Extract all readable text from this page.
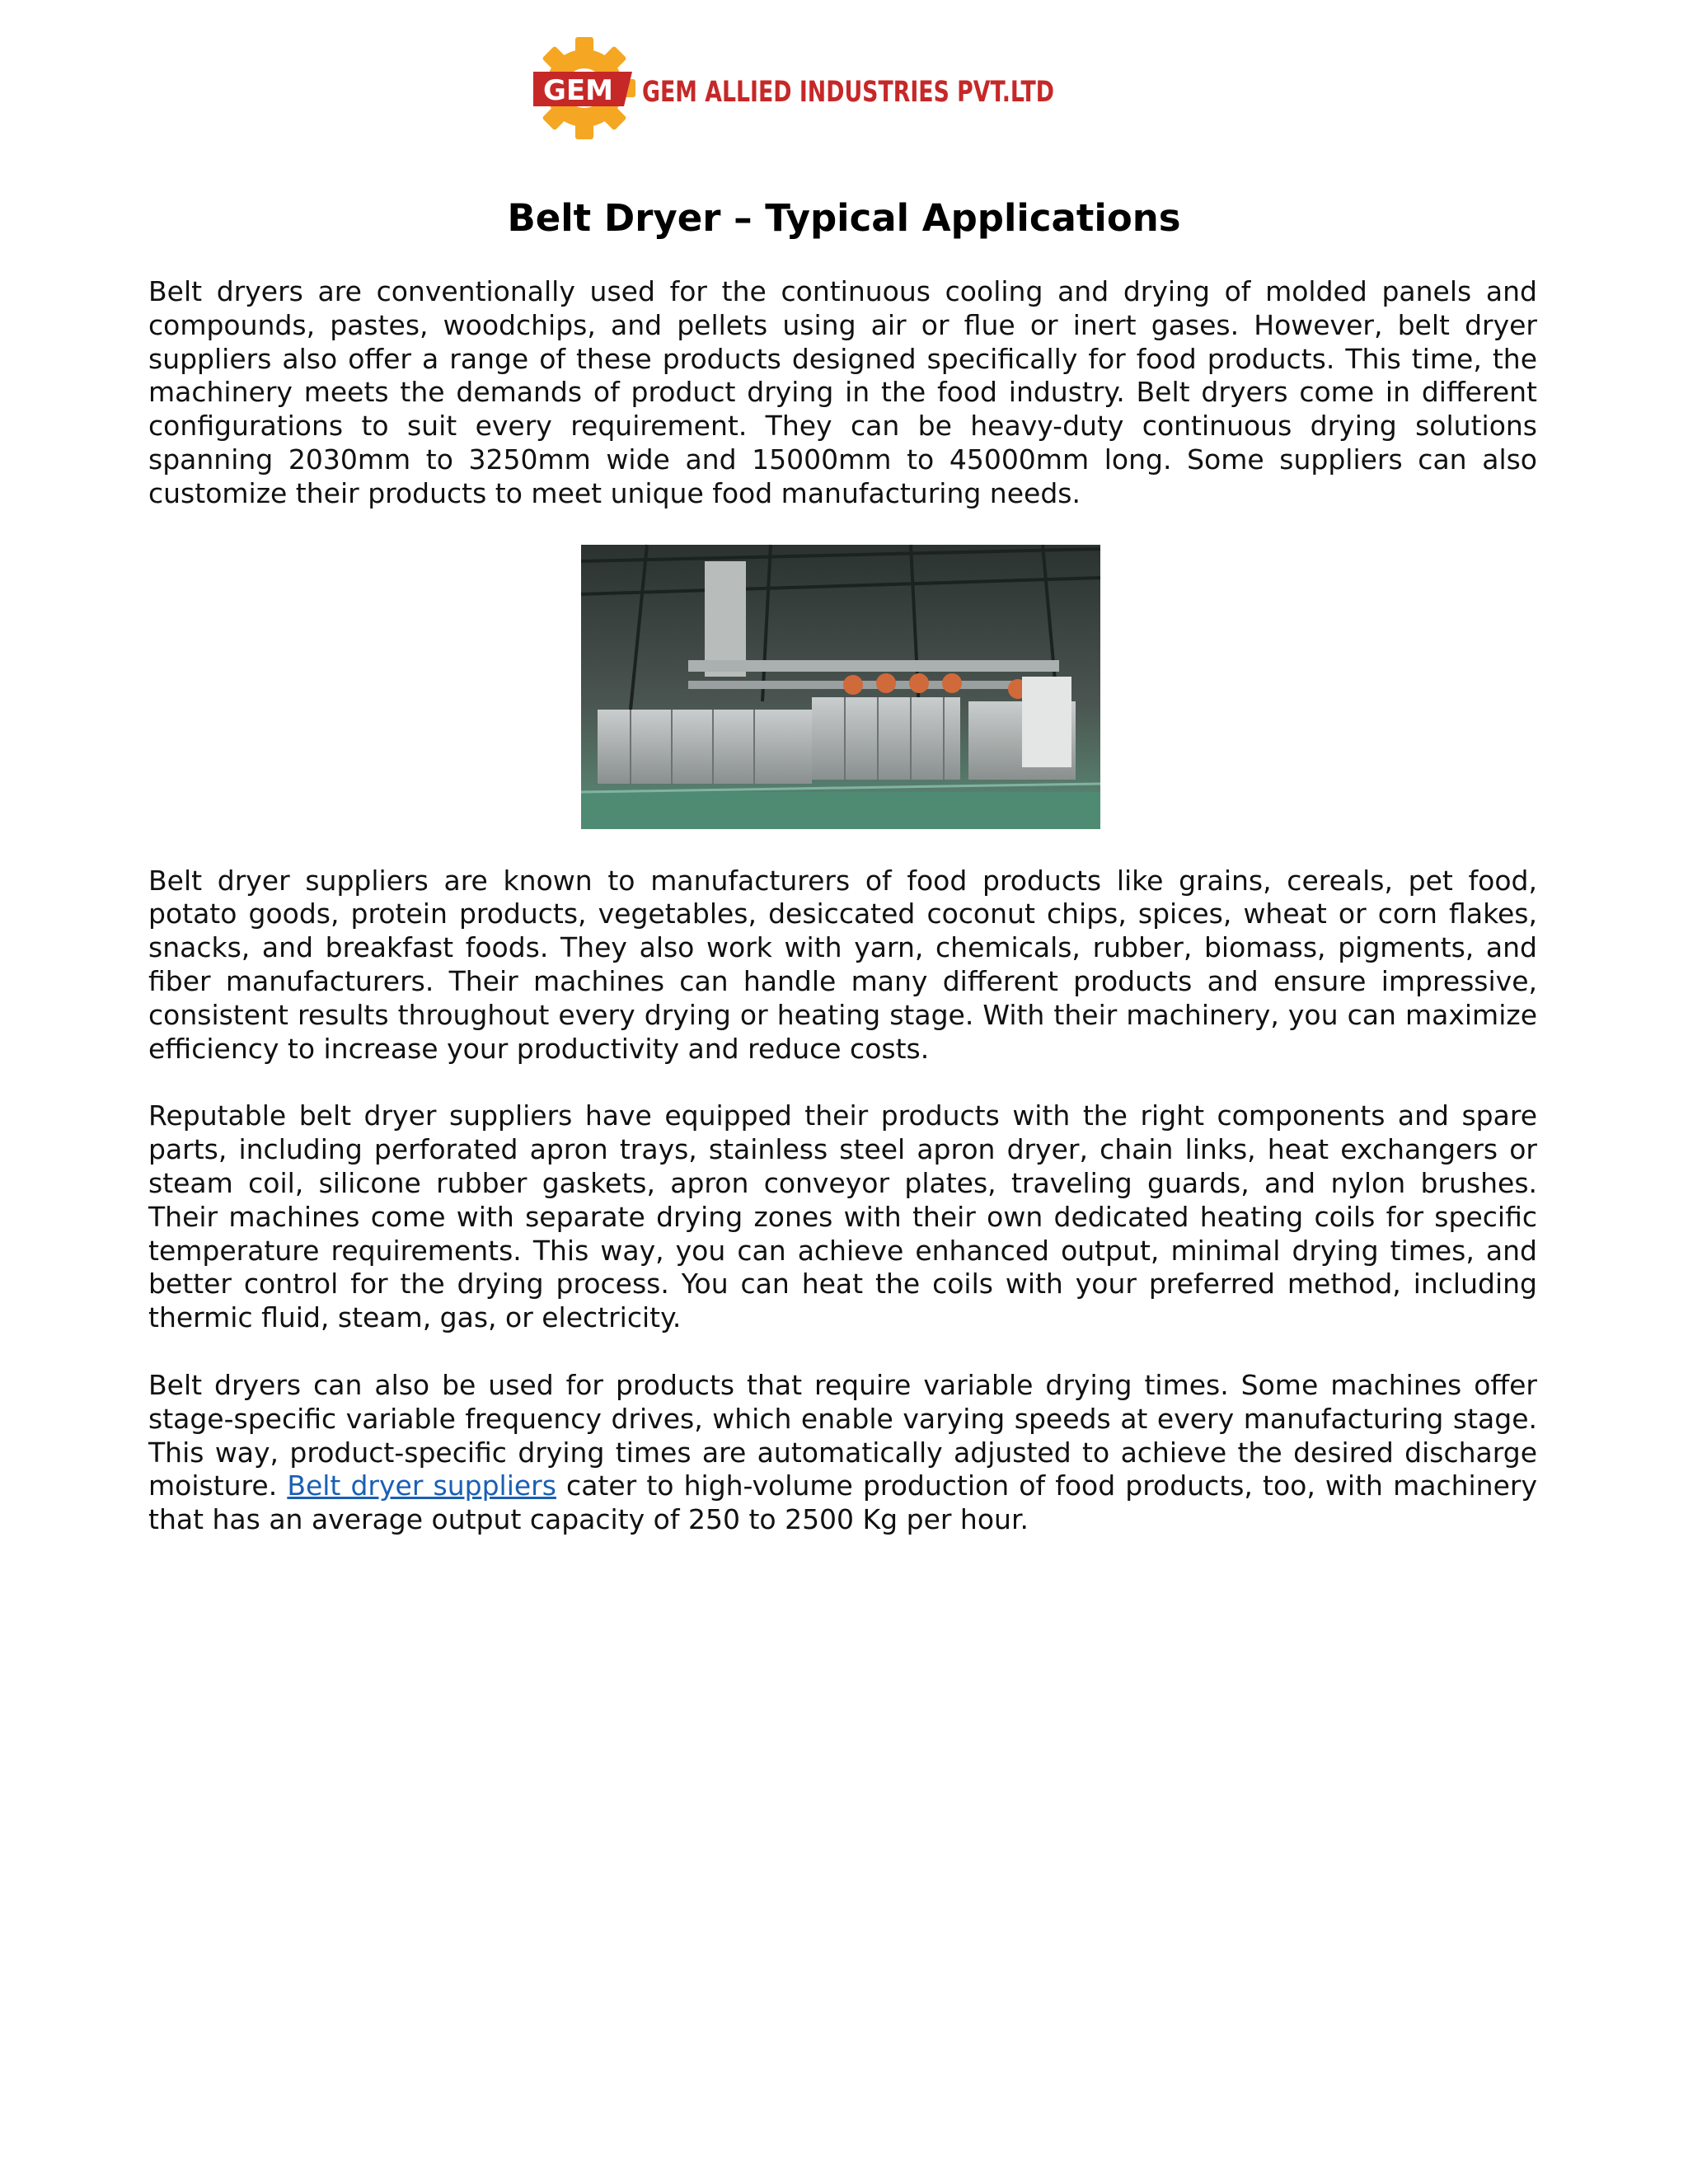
GEM GEM ALLIED INDUSTRIES PVT.LTD
Belt Dryer – Typical Applications

Belt dryers are conventionally used for the continuous cooling and drying of molded panels and compounds, pastes, woodchips, and pellets using air or flue or inert gases. However, belt dryer suppliers also offer a range of these products designed specifically for food products. This time, the machinery meets the demands of product drying in the food industry. Belt dryers come in different configurations to suit every requirement. They can be heavy-duty continuous drying solutions spanning 2030mm to 3250mm wide and 15000mm to 45000mm long. Some suppliers can also customize their products to meet unique food manufacturing needs.

Belt dryer suppliers are known to manufacturers of food products like grains, cereals, pet food, potato goods, protein products, vegetables, desiccated coconut chips, spices, wheat or corn flakes, snacks, and breakfast foods. They also work with yarn, chemicals, rubber, biomass, pigments, and fiber manufacturers. Their machines can handle many different products and ensure impressive, consistent results throughout every drying or heating stage. With their machinery, you can maximize efficiency to increase your productivity and reduce costs.

Reputable belt dryer suppliers have equipped their products with the right components and spare parts, including perforated apron trays, stainless steel apron dryer, chain links, heat exchangers or steam coil, silicone rubber gaskets, apron conveyor plates, traveling guards, and nylon brushes. Their machines come with separate drying zones with their own dedicated heating coils for specific temperature requirements. This way, you can achieve enhanced output, minimal drying times, and better control for the drying process. You can heat the coils with your preferred method, including thermic fluid, steam, gas, or electricity.

Belt dryers can also be used for products that require variable drying times. Some machines offer stage-specific variable frequency drives, which enable varying speeds at every manufacturing stage. This way, product-specific drying times are automatically adjusted to achieve the desired discharge moisture. Belt dryer suppliers cater to high-volume production of food products, too, with machinery that has an average output capacity of 250 to 2500 Kg per hour.
